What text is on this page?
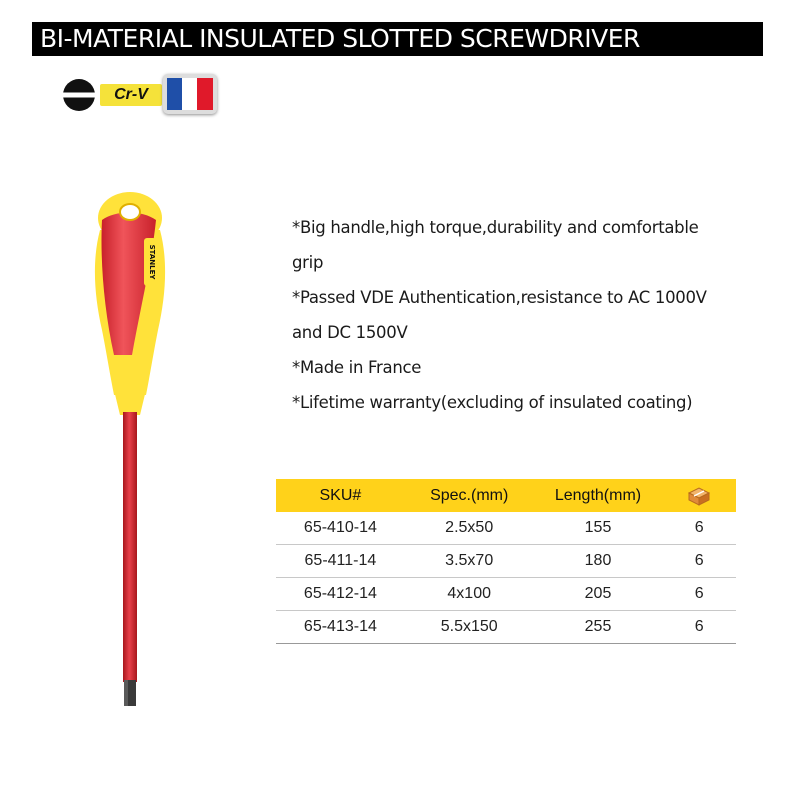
BI-MATERIAL INSULATED SLOTTED SCREWDRIVER
Cr-V
STANLEY
*Big handle,high torque,durability and comfortable
grip
*Passed VDE Authentication,resistance to AC 1000V
and DC 1500V
*Made in France
*Lifetime warranty(excluding of insulated coating)
SKU#	Spec.(mm)	Length(mm)	
65-410-14	2.5x50	155	6
65-411-14	3.5x70	180	6
65-412-14	4x100	205	6
65-413-14	5.5x150	255	6
